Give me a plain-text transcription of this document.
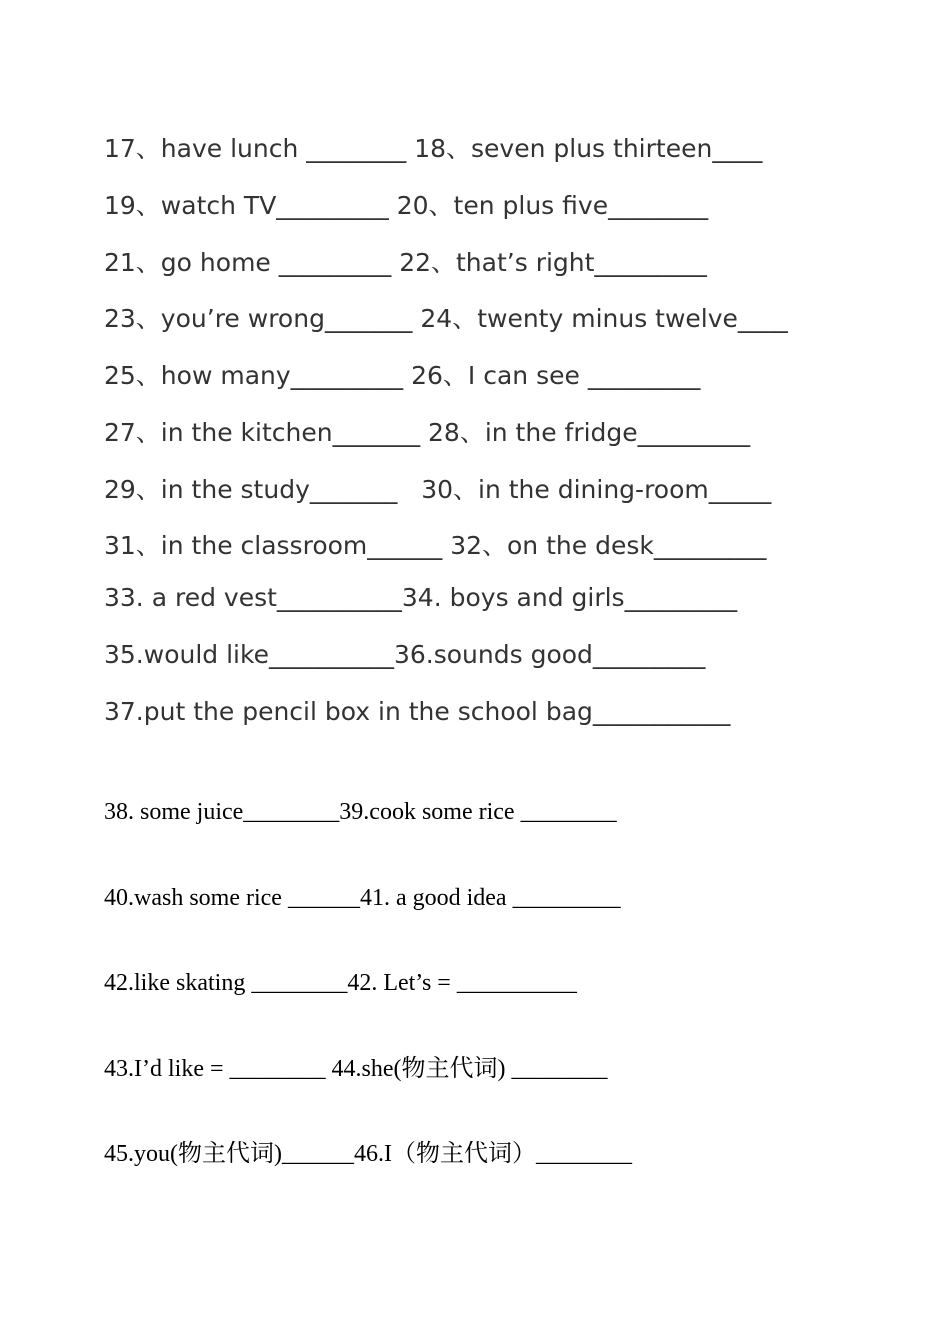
17、have lunch ________ 18、seven plus thirteen____
19、watch TV_________ 20、ten plus five________
21、go home _________ 22、that’s right_________
23、you’re wrong_______ 24、twenty minus twelve____
25、how many_________ 26、I can see _________
27、in the kitchen_______ 28、in the fridge_________
29、in the study_______   30、in the dining-room_____
31、in the classroom______ 32、on the desk_________
33. a red vest__________34. boys and girls_________
35.would like__________36.sounds good_________
37.put the pencil box in the school bag___________

38. some juice________39.cook some rice ________

40.wash some rice ______41. a good idea _________

42.like skating ________42. Let’s = __________

43.I’d like = ________ 44.she(物主代词) ________

45.you(物主代词)______46.I（物主代词）________
